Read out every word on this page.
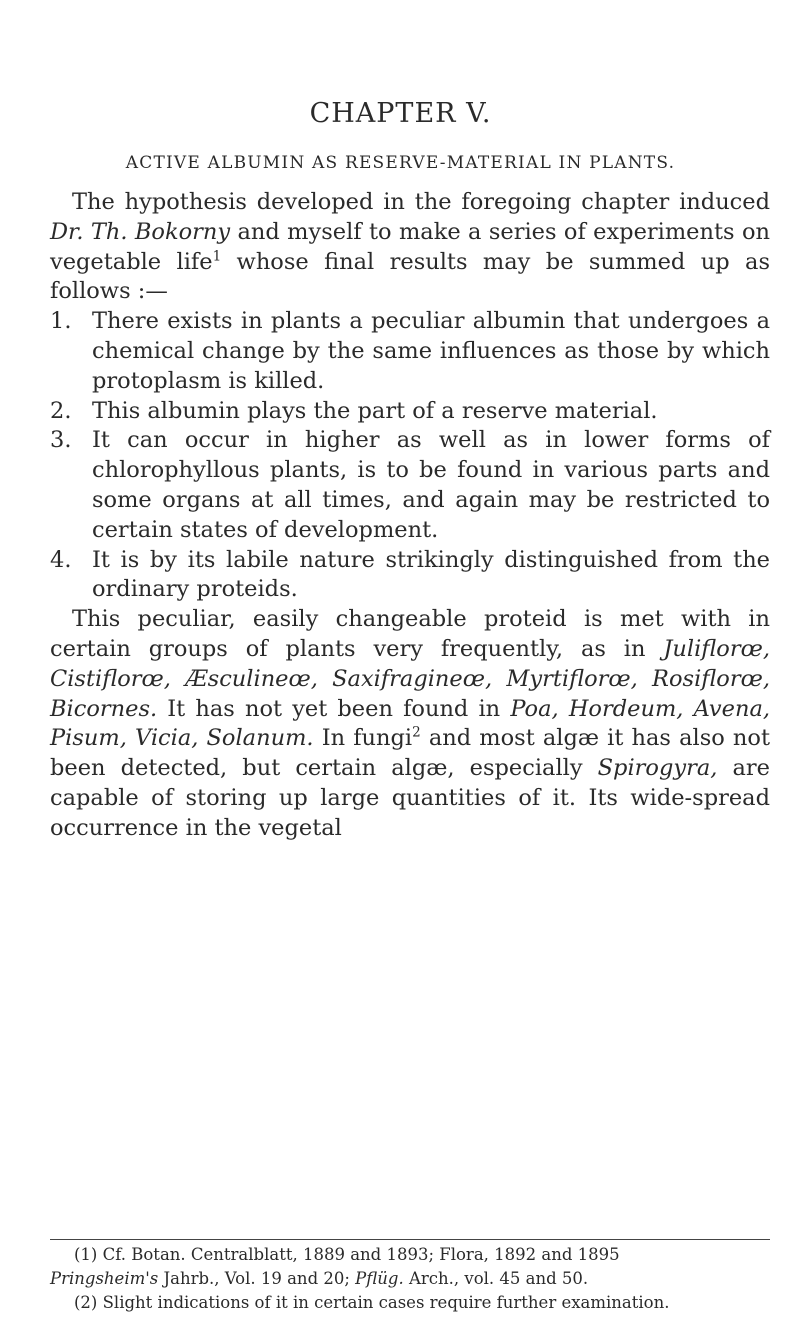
CHAPTER V.
ACTIVE ALBUMIN AS RESERVE-MATERIAL IN PLANTS.

The hypothesis developed in the foregoing chapter induced Dr. Th. Bokorny and myself to make a series of experiments on vegetable life$^1$ whose final results may be summed up as follows :—

1. There exists in plants a peculiar albumin that undergoes a chemical change by the same influences as those by which protoplasm is killed.
2. This albumin plays the part of a reserve material.
3. It can occur in higher as well as in lower forms of chlorophyllous plants, is to be found in various parts and some organs at all times, and again may be restricted to certain states of development.
4. It is by its labile nature strikingly distinguished from the ordinary proteids.

This peculiar, easily changeable proteid is met with in certain groups of plants very frequently, as in Juliflorœ, Cistiflorœ, Æsculineœ, Saxifragineœ, Myrtiflorœ, Rosiflorœ, Bicornes. It has not yet been found in Poa, Hordeum, Avena, Pisum, Vicia, Solanum. In fungi$^2$ and most algæ it has also not been detected, but certain algæ, especially Spirogyra, are capable of storing up large quantities of it. Its wide-spread occurrence in the vegetal

(1) Cf. Botan. Centralblatt, 1889 and 1893; Flora, 1892 and 1895

Pringsheim's Jahrb., Vol. 19 and 20; Pflüg. Arch., vol. 45 and 50.

(2) Slight indications of it in certain cases require further examination.
